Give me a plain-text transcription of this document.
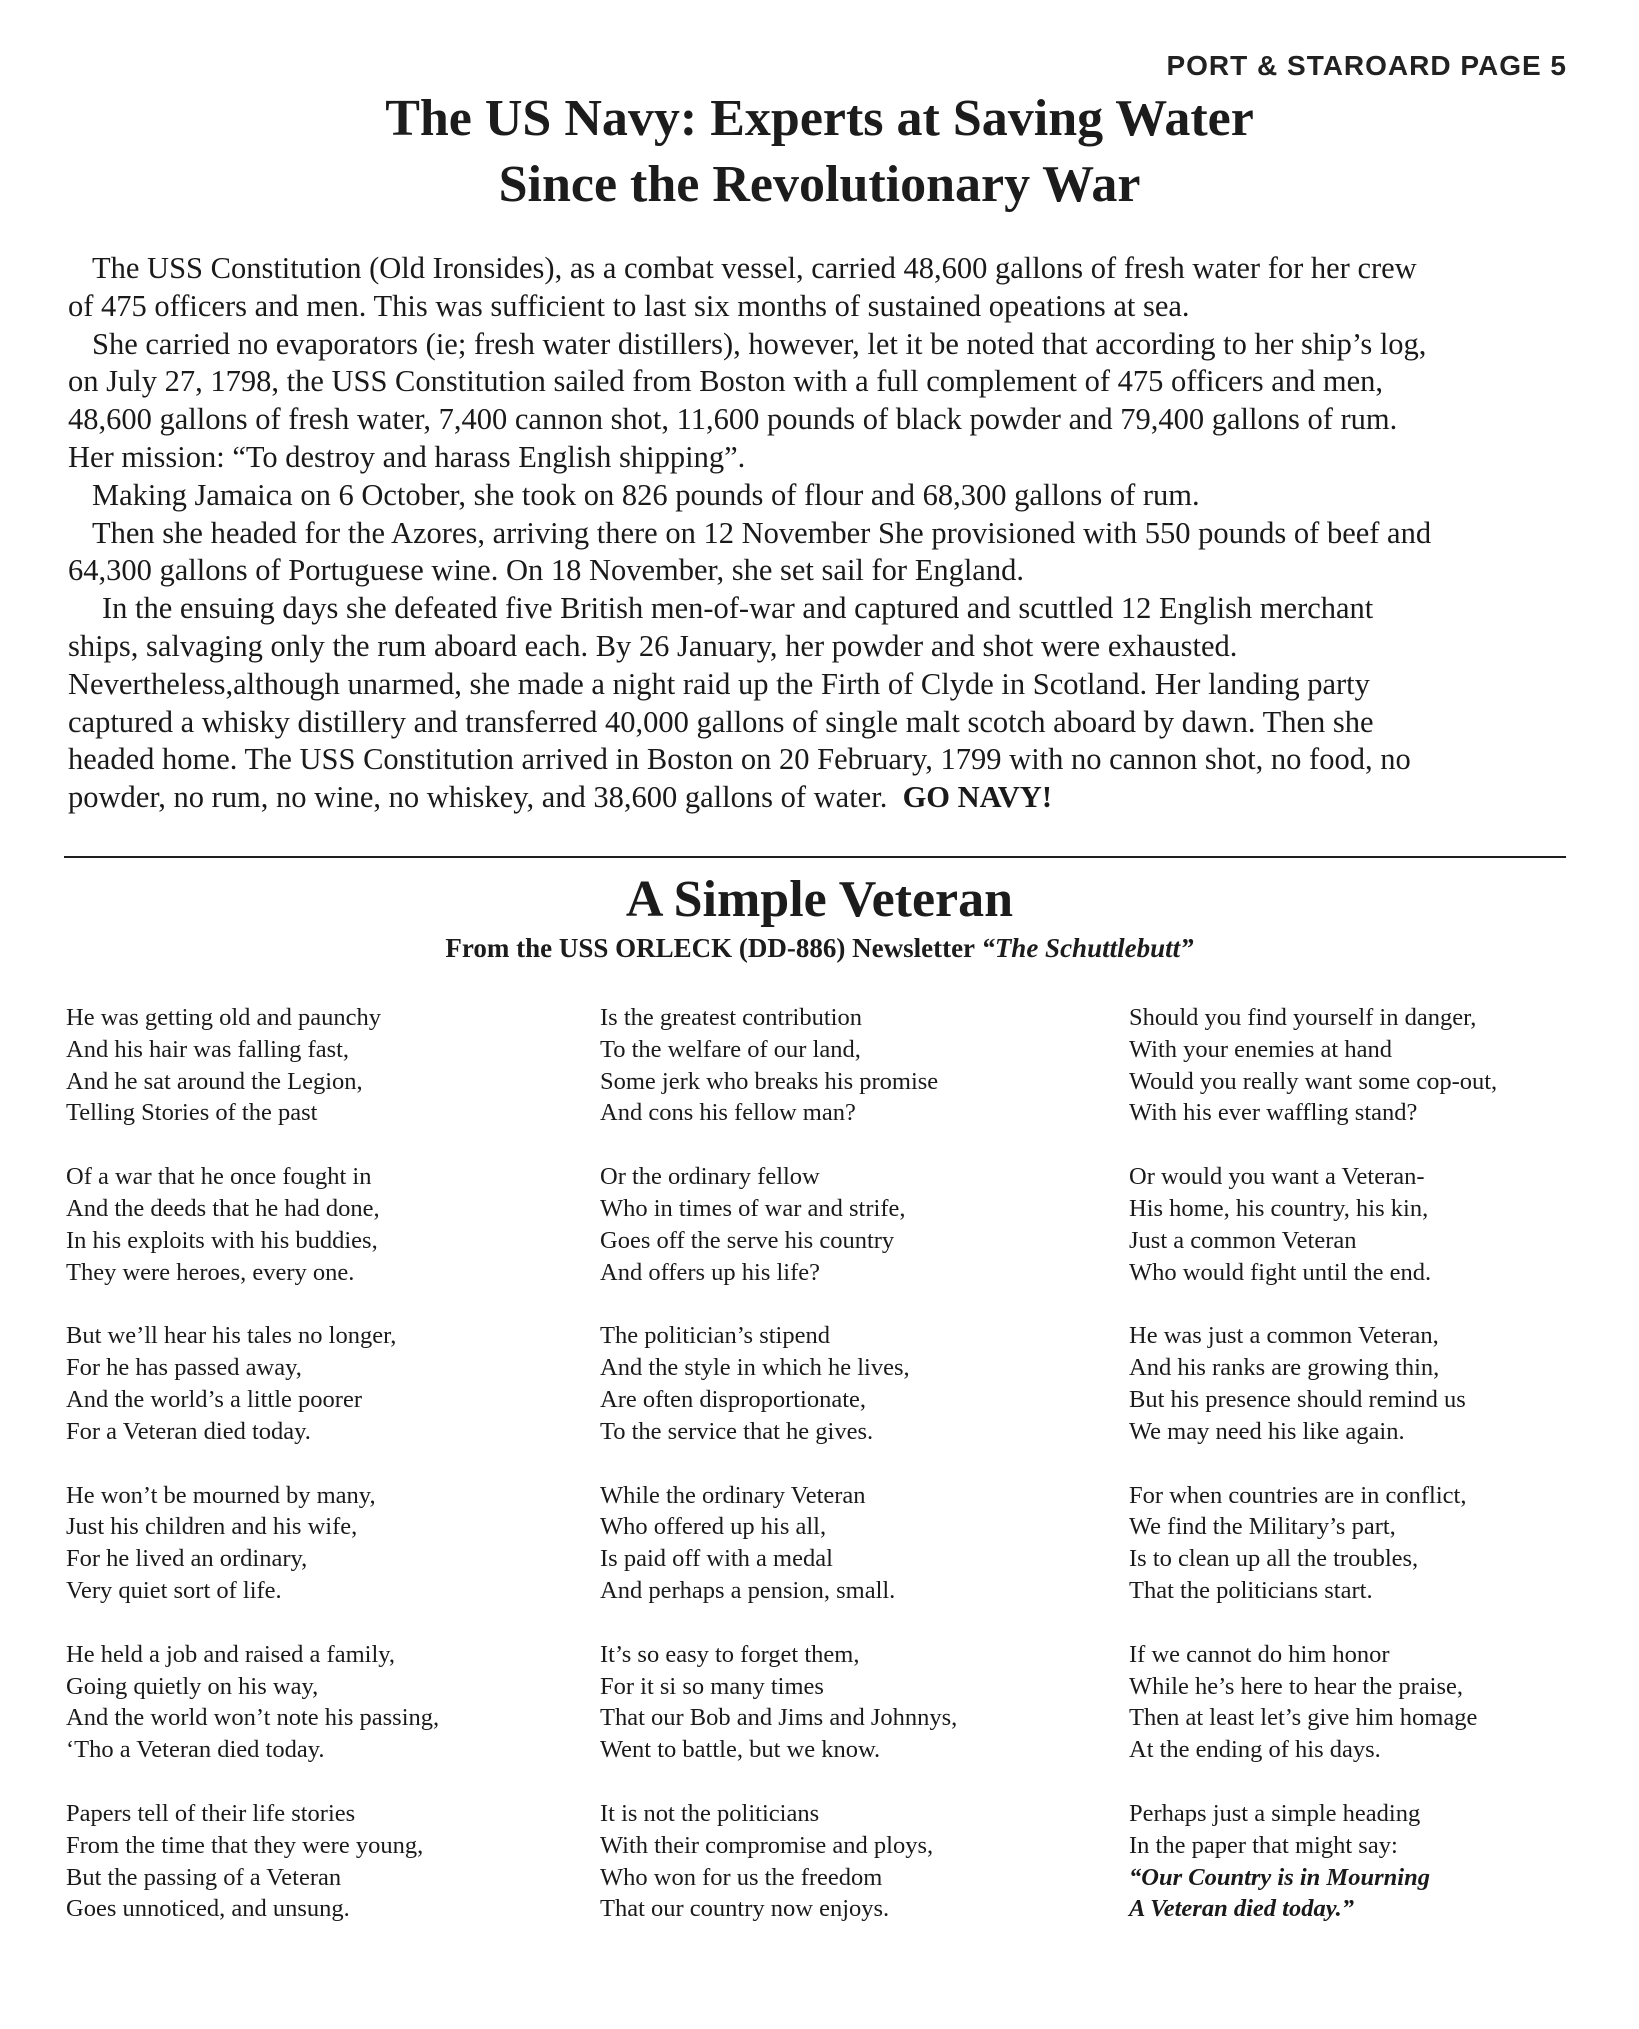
PORT & STAROARD PAGE 5
The US Navy: Experts at Saving Water
Since the Revolutionary War
The USS Constitution (Old Ironsides), as a combat vessel, carried 48,600 gallons of fresh water for her crew
of 475 officers and men. This was sufficient to last six months of sustained opeations at sea.
She carried no evaporators (ie; fresh water distillers), however, let it be noted that according to her ship’s log,
on July 27, 1798, the USS Constitution sailed from Boston with a full complement of 475 officers and men,
48,600 gallons of fresh water, 7,400 cannon shot, 11,600 pounds of black powder and 79,400 gallons of rum.
Her mission: “To destroy and harass English shipping”.
Making Jamaica on 6 October, she took on 826 pounds of flour and 68,300 gallons of rum.
Then she headed for the Azores, arriving there on 12 November She provisioned with 550 pounds of beef and
64,300 gallons of Portuguese wine. On 18 November, she set sail for England.
In the ensuing days she defeated five British men-of-war and captured and scuttled 12 English merchant
ships, salvaging only the rum aboard each. By 26 January, her powder and shot were exhausted.
Nevertheless,although unarmed, she made a night raid up the Firth of Clyde in Scotland. Her landing party
captured a whisky distillery and transferred 40,000 gallons of single malt scotch aboard by dawn. Then she
headed home. The USS Constitution arrived in Boston on 20 February, 1799 with no cannon shot, no food, no
powder, no rum, no wine, no whiskey, and 38,600 gallons of water. GO NAVY!
A Simple Veteran
From the USS ORLECK (DD-886) Newsletter “The Schuttlebutt”
He was getting old and paunchy
And his hair was falling fast,
And he sat around the Legion,
Telling Stories of the past
Of a war that he once fought in
And the deeds that he had done,
In his exploits with his buddies,
They were heroes, every one.
But we’ll hear his tales no longer,
For he has passed away,
And the world’s a little poorer
For a Veteran died today.
He won’t be mourned by many,
Just his children and his wife,
For he lived an ordinary,
Very quiet sort of life.
He held a job and raised a family,
Going quietly on his way,
And the world won’t note his passing,
‘Tho a Veteran died today.
Papers tell of their life stories
From the time that they were young,
But the passing of a Veteran
Goes unnoticed, and unsung.
Is the greatest contribution
To the welfare of our land,
Some jerk who breaks his promise
And cons his fellow man?
Or the ordinary fellow
Who in times of war and strife,
Goes off the serve his country
And offers up his life?
The politician’s stipend
And the style in which he lives,
Are often disproportionate,
To the service that he gives.
While the ordinary Veteran
Who offered up his all,
Is paid off with a medal
And perhaps a pension, small.
It’s so easy to forget them,
For it si so many times
That our Bob and Jims and Johnnys,
Went to battle, but we know.
It is not the politicians
With their compromise and ploys,
Who won for us the freedom
That our country now enjoys.
Should you find yourself in danger,
With your enemies at hand
Would you really want some cop-out,
With his ever waffling stand?
Or would you want a Veteran-
His home, his country, his kin,
Just a common Veteran
Who would fight until the end.
He was just a common Veteran,
And his ranks are growing thin,
But his presence should remind us
We may need his like again.
For when countries are in conflict,
We find the Military’s part,
Is to clean up all the troubles,
That the politicians start.
If we cannot do him honor
While he’s here to hear the praise,
Then at least let’s give him homage
At the ending of his days.
Perhaps just a simple heading
In the paper that might say:
“Our Country is in Mourning
A Veteran died today.”
